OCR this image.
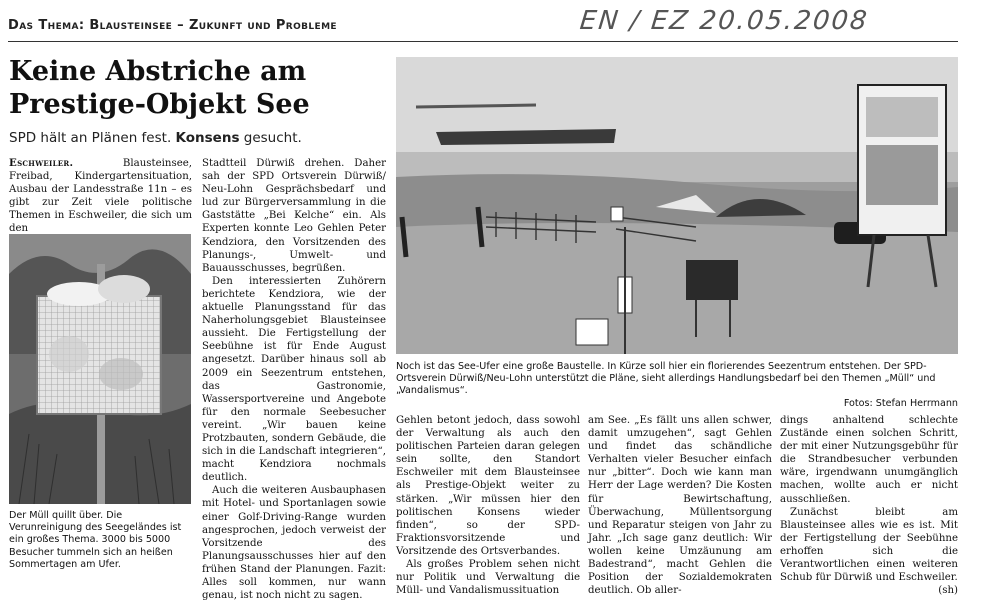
Das Thema: Blausteinsee – Zukunft und Probleme	EN / EZ 20.05.2008
Keine Abstriche am Prestige-Objekt See
SPD hält an Plänen fest. Konsens gesucht.

Eschweiler. Blausteinsee, Freibad, Kindergartensituation, Ausbau der Landesstraße 11n – es gibt zur Zeit viele politische Themen in Eschweiler, die sich um den

Der Müll quillt über. Die Verunreinigung des Seegeländes ist ein großes Thema. 3000 bis 5000 Besucher tummeln sich an heißen Sommertagen am Ufer.

Stadtteil Dürwiß drehen. Daher sah der SPD Ortsverein Dürwiß/ Neu-Lohn Gesprächsbedarf und lud zur Bürgerversammlung in die Gaststätte „Bei Kelche“ ein. Als Experten konnte Leo Gehlen Peter Kendziora, den Vorsitzenden des Planungs-, Umwelt- und Bauausschusses, begrüßen.

Den interessierten Zuhörern berichtete Kendziora, wie der aktuelle Planungsstand für das Naherholungsgebiet Blausteinsee aussieht. Die Fertigstellung der Seebühne ist für Ende August angesetzt. Darüber hinaus soll ab 2009 ein Seezentrum entstehen, das Gastronomie, Wassersportvereine und Angebote für den normale Seebesucher vereint. „Wir bauen keine Protzbauten, sondern Gebäude, die sich in die Landschaft integrieren“, macht Kendziora nochmals deutlich.

Auch die weiteren Ausbauphasen mit Hotel- und Sportanlagen sowie einer Golf-Driving-Range wurden angesprochen, jedoch verweist der Vorsitzende des Planungsausschusses hier auf den frühen Stand der Planungen. Fazit: Alles soll kommen, nur wann genau, ist noch nicht zu sagen.

Noch ist das See-Ufer eine große Baustelle. In Kürze soll hier ein florierendes Seezentrum entstehen. Der SPD-Ortsverein Dürwiß/Neu-Lohn unterstützt die Pläne, sieht allerdings Handlungsbedarf bei den Themen „Müll“ und „Vandalismus“.
Fotos: Stefan Herrmann

Gehlen betont jedoch, dass sowohl der Verwaltung als auch den politischen Parteien daran gelegen sein sollte, den Standort Eschweiler mit dem Blausteinsee als Prestige-Objekt weiter zu stärken. „Wir müssen hier den politischen Konsens wieder finden“, so der SPD-Fraktionsvorsitzende und Vorsitzende des Ortsverbandes.

Als großes Problem sehen nicht nur Politik und Verwaltung die Müll- und Vandalismussituation

am See. „Es fällt uns allen schwer, damit umzugehen“, sagt Gehlen und findet das schändliche Verhalten vieler Besucher einfach nur „bitter“. Doch wie kann man Herr der Lage werden? Die Kosten für Bewirtschaftung, Überwachung, Müllentsorgung und Reparatur steigen von Jahr zu Jahr. „Ich sage ganz deutlich: Wir wollen keine Umzäunung am Badestrand“, macht Gehlen die Position der Sozialdemokraten deutlich. Ob aller-

dings anhaltend schlechte Zustände einen solchen Schritt, der mit einer Nutzungsgebühr für die Strandbesucher verbunden wäre, irgendwann unumgänglich machen, wollte auch er nicht ausschließen.

Zunächst bleibt am Blausteinsee alles wie es ist. Mit der Fertigstellung der Seebühne erhoffen sich die Verantwortlichen einen weiteren Schub für Dürwiß und Eschweiler.
(sh)
